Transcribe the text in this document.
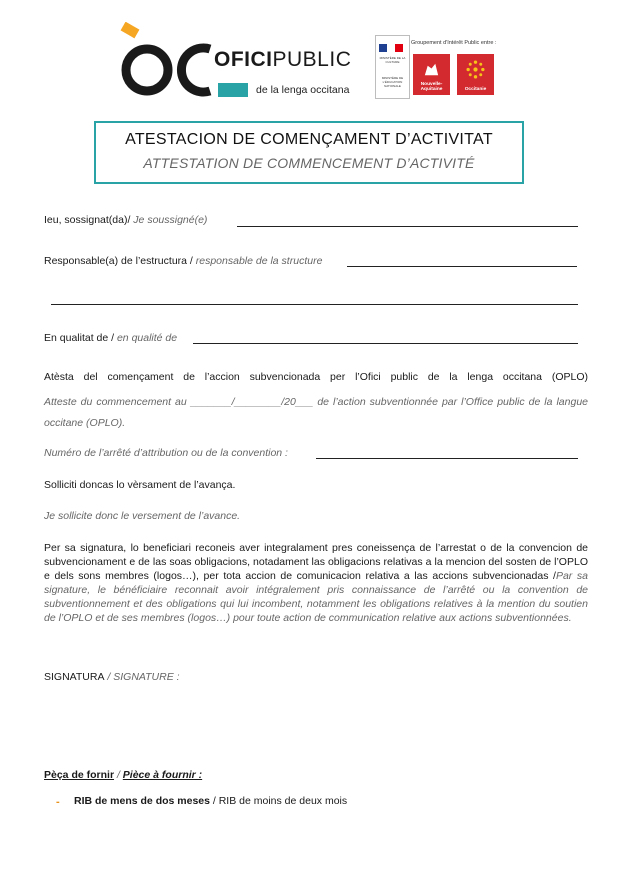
OFICIPUBLIC
de la lenga occitana
MINISTÈRE DE LA CULTURE
MINISTÈRE DE L'ÉDUCATION NATIONALE
Groupement d'Intérêt Public entre :
Nouvelle-Aquitaine	Occitanie
ATESTACION DE COMENÇAMENT D’ACTIVITAT
ATTESTATION DE COMMENCEMENT D’ACTIVITÉ
Ieu, sossignat(da)/ Je soussigné(e)
Responsable(a) de l’estructura / responsable de la structure
En qualitat de / en qualité de
Atèsta del començament de l’accion subvencionada per l’Ofici public de la lenga occitana (OPLO)
Atteste du commencement au _______/________/20___ de l’action subventionnée par l’Office public de la langue occitane (OPLO).
Numéro de l’arrêté d’attribution ou de la convention :
Solliciti doncas lo vèrsament de l’avança.
Je sollicite donc le versement de l’avance.
Per sa signatura, lo beneficiari reconeis aver integralament pres coneissença de l’arrestat o de la convencion de subvencionament e de las soas obligacions, notadament las obligacions relativas a la mencion del sosten de l’OPLO e dels sons membres (logos…), per tota accion de comunicacion relativa a las accions subvencionadas /Par sa signature, le bénéficiaire reconnait avoir intégralement pris connaissance de l’arrêté ou la convention de subventionnement et des obligations qui lui incombent, notamment les obligations relatives à la mention du soutien de l’OPLO et de ses membres (logos…) pour toute action de communication relative aux actions subventionnées.
SIGNATURA / SIGNATURE :
Pèça de fornir / Pièce à fournir :
- RIB de mens de dos meses / RIB de moins de deux mois
